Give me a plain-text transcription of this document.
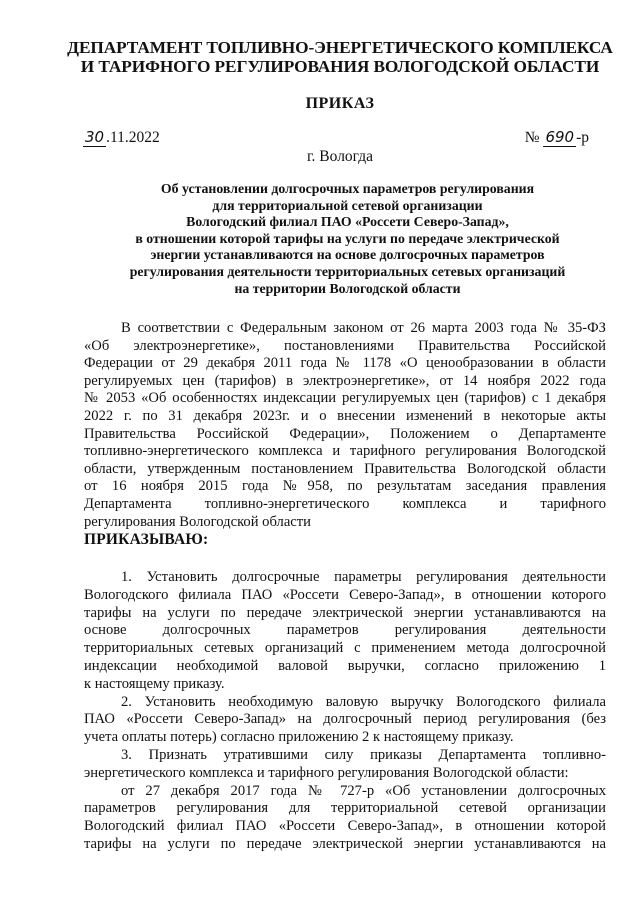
ДЕПАРТАМЕНТ ТОПЛИВНО-ЭНЕРГЕТИЧЕСКОГО КОМПЛЕКСА
И ТАРИФНОГО РЕГУЛИРОВАНИЯ ВОЛОГОДСКОЙ ОБЛАСТИ
ПРИКАЗ
30 .11.2022	№ 690 -р
г. Вологда
Об установлении долгосрочных параметров регулирования
для территориальной сетевой организации
Вологодский филиал ПАО «Россети Северо-Запад»,
в отношении которой тарифы на услуги по передаче электрической
энергии устанавливаются на основе долгосрочных параметров
регулирования деятельности территориальных сетевых организаций
на территории Вологодской области
В соответствии с Федеральным законом от 26 марта 2003 года № 35-ФЗ
«Об электроэнергетике», постановлениями Правительства Российской
Федерации от 29 декабря 2011 года № 1178 «О ценообразовании в области
регулируемых цен (тарифов) в электроэнергетике», от 14 ноября 2022 года
№ 2053 «Об особенностях индексации регулируемых цен (тарифов) с 1 декабря
2022 г. по 31 декабря 2023г. и о внесении изменений в некоторые акты
Правительства Российской Федерации», Положением о Департаменте
топливно-энергетического комплекса и тарифного регулирования Вологодской
области, утвержденным постановлением Правительства Вологодской области
от 16 ноября 2015 года №958, по результатам заседания правления
Департамента топливно-энергетического комплекса и тарифного
регулирования Вологодской области
ПРИКАЗЫВАЮ:
1. Установить долгосрочные параметры регулирования деятельности
Вологодского филиала ПАО «Россети Северо-Запад», в отношении которого
тарифы на услуги по передаче электрической энергии устанавливаются на
основе долгосрочных параметров регулирования деятельности
территориальных сетевых организаций с применением метода долгосрочной
индексации необходимой валовой выручки, согласно приложению 1
к настоящему приказу.
2. Установить необходимую валовую выручку Вологодского филиала
ПАО «Россети Северо-Запад» на долгосрочный период регулирования (без
учета оплаты потерь) согласно приложению 2 к настоящему приказу.
3. Признать утратившими силу приказы Департамента топливно-
энергетического комплекса и тарифного регулирования Вологодской области:
от 27 декабря 2017 года № 727-р «Об установлении долгосрочных
параметров регулирования для территориальной сетевой организации
Вологодский филиал ПАО «Россети Северо-Запад», в отношении которой
тарифы на услуги по передаче электрической энергии устанавливаются на
